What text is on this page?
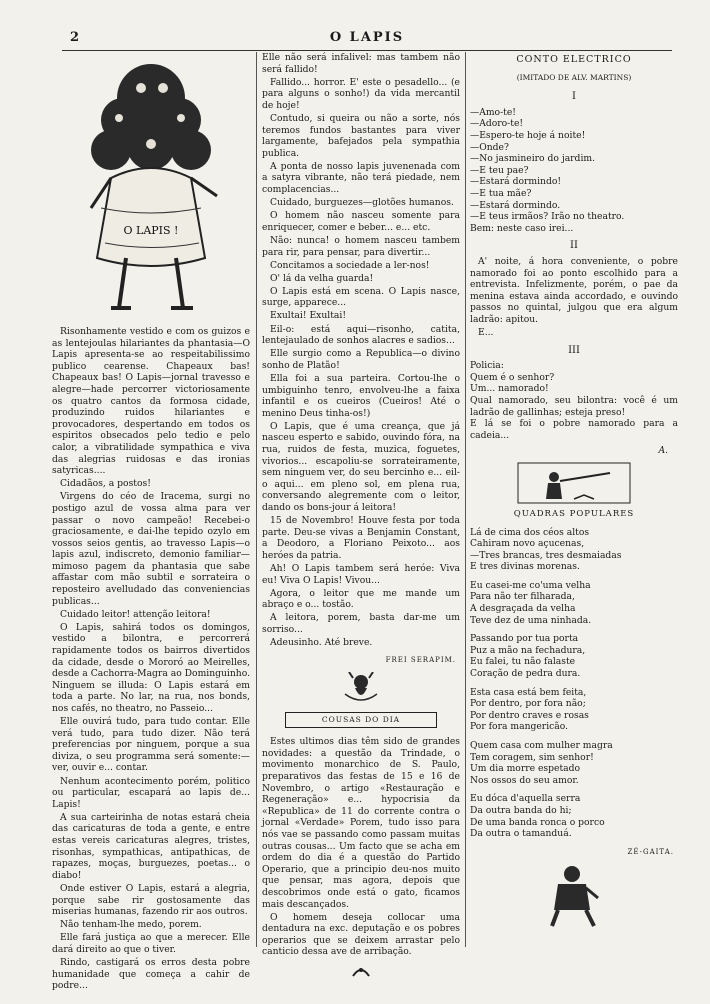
2	O LAPIS
O LAPIS !

Risonhamente vestido e com os guizos e as lentejoulas hilariantes da phantasia—O Lapis apresenta-se ao respeitabilissimo publico cearense. Chapeaux bas! Chapeaux bas! O Lapis—jornal travesso e alegre—hade percorrer victoriosamente os quatro cantos da formosa cidade, produzindo ruidos hilariantes e provocadores, despertando em todos os espiritos obsecados pelo tedio e pelo calor, a vibratilidade sympathica e viva das alegrias ruidosas e das ironias satyricas....

Cidadãos, a postos!

Virgens do céo de Iracema, surgi no postigo azul de vossa alma para ver passar o novo campeão! Recebei-o graciosamente, e dai-lhe tepido ozylo em vossos seios gentis, ao travesso Lapis—o lapis azul, indiscreto, demonio familiar—mimoso pagem da phantasia que sabe affastar com mão subtil e sorrateira o reposteiro avelludado das conveniencias publicas...

Cuidado leitor! attenção leitora!

O Lapis, sahirá todos os domingos, vestido a bilontra, e percorrerá rapidamente todos os bairros divertidos da cidade, desde o Mororó ao Meirelles, desde a Cachorra-Magra ao Dominguinho. Ninguem se illuda: O Lapis estará em toda a parte. No lar, na rua, nos bonds, nos cafés, no theatro, no Passeio...

Elle ouvirá tudo, para tudo contar. Elle verá tudo, para tudo dizer. Não terá preferencias por ninguem, porque a sua diviza, o seu programma será somente:—ver, ouvir e... contar.

Nenhum acontecimento porém, politico ou particular, escapará ao lapis de... Lapis!

A sua carteirinha de notas estará cheia das caricaturas de toda a gente, e entre estas vereis caricaturas alegres, tristes, risonhas, sympathicas, antipathicas, de rapazes, moças, burguezes, poetas... o diabo!

Onde estiver O Lapis, estará a alegria, porque sabe rir gostosamente das miserias humanas, fazendo rir aos outros.

Não tenham-lhe medo, porem.

Elle fará justiça ao que a merecer. Elle dará direito ao que o tiver.

Rindo, castigará os erros desta pobre humanidade que começa a cahir de podre...

Elle não será infalivel: mas tambem não será fallido!

Fallido... horror. E' este o pesadello... (e para alguns o sonho!) da vida mercantil de hoje!

Contudo, si queira ou não a sorte, nós teremos fundos bastantes para viver largamente, bafejados pela sympathia publica.

A ponta de nosso lapis juvenenada com a satyra vibrante, não terá piedade, nem complacencias...

Cuidado, burguezes—glotões humanos.

O homem não nasceu somente para enriquecer, comer e beber... e... etc.

Não: nunca! o homem nasceu tambem para rir, para pensar, para divertir...

Concitamos a sociedade a ler-nos!

O' lá da velha guarda!

O Lapis está em scena. O Lapis nasce, surge, apparece...

Exultai! Exultai!

Eil-o: está aqui—risonho, catita, lentejaulado de sonhos alacres e sadios...

Elle surgio como a Republica—o divino sonho de Platão!

Ella foi a sua parteira. Cortou-lhe o umbiguinho tenro, envolveu-lhe a faixa infantil e os cueiros (Cueiros! Até o menino Deus tinha-os!)

O Lapis, que é uma creança, que já nasceu esperto e sabido, ouvindo fóra, na rua, ruidos de festa, muzica, foguetes, vivorios... escapoliu-se sorrateiramente, sem ninguem ver, do seu bercinho e... eil-o aqui... em pleno sol, em plena rua, conversando alegremente com o leitor, dando os bons-jour á leitora!

15 de Novembro! Houve festa por toda parte. Deu-se vivas a Benjamin Constant, a Deodoro, a Floriano Peixoto... aos heróes da patria.

Ah! O Lapis tambem será heróe: Viva eu! Viva O Lapis! Vivou...

Agora, o leitor que me mande um abraço e o... tostão.

A leitora, porem, basta dar-me um sorriso...

Adeusinho. Até breve.

FREI SERAPIM.
COUSAS DO DIA

Estes ultimos dias têm sido de grandes novidades: a questão da Trindade, o movimento monarchico de S. Paulo, preparativos das festas de 15 e 16 de Novembro, o artigo «Restauração e Regeneração» e... hypocrisia da «Republica» de 11 do corrente contra o jornal «Verdade» Porem, tudo isso para nós vae se passando como passam muitas outras cousas... Um facto que se acha em ordem do dia é a questão do Partido Operario, que a principio deu-nos muito que pensar, mas agora, depois que descobrimos onde está o gato, ficamos mais descançados.

O homem deseja collocar uma dentadura na exc. deputação e os pobres operarios que se deixem arrastar pelo canticio dessa ave de arribação.

CONTO ELECTRICO
(IMITADO DE ALV. MARTINS)
I

—Amo-te!

—Adoro-te!

—Espero-te hoje á noite!

—Onde?

—No jasmineiro do jardim.

—E teu pae?

—Estará dormindo!

—E tua mãe?

—Estará dormindo.

—E teus irmãos? Irão no theatro.

Bem: neste caso irei...

II

A' noite, á hora conveniente, o pobre namorado foi ao ponto escolhido para a entrevista. Infelizmente, porém, o pae da menina estava ainda accordado, e ouvindo passos no quintal, julgou que era algum ladrão: apitou.

E...

III

Policia:

Quem é o senhor?

Um... namorado!

Qual namorado, seu bilontra: você é um ladrão de gallinhas; esteja preso!

E lá se foi o pobre namorado para a cadeia...

A.
QUADRAS POPULARES

Lá de cima dos céos altos

Cahiram novo açucenas,

—Tres brancas, tres desmaiadas

E tres divinas morenas.

Eu casei-me co'uma velha

Para não ter filharada,

A desgraçada da velha

Teve dez de uma ninhada.

Passando por tua porta

Puz a mão na fechadura,

Eu falei, tu não falaste

Coração de pedra dura.

Esta casa está bem feita,

Por dentro, por fora não;

Por dentro craves e rosas

Por fora mangericão.

Quem casa com mulher magra

Tem coragem, sim senhor!

Um dia morre espetado

Nos ossos do seu amor.

Eu dóca d'aquella serra

Da outra banda do hi;

De uma banda ronca o porco

Da outra o tamanduá.

ZÉ-GAITA.
